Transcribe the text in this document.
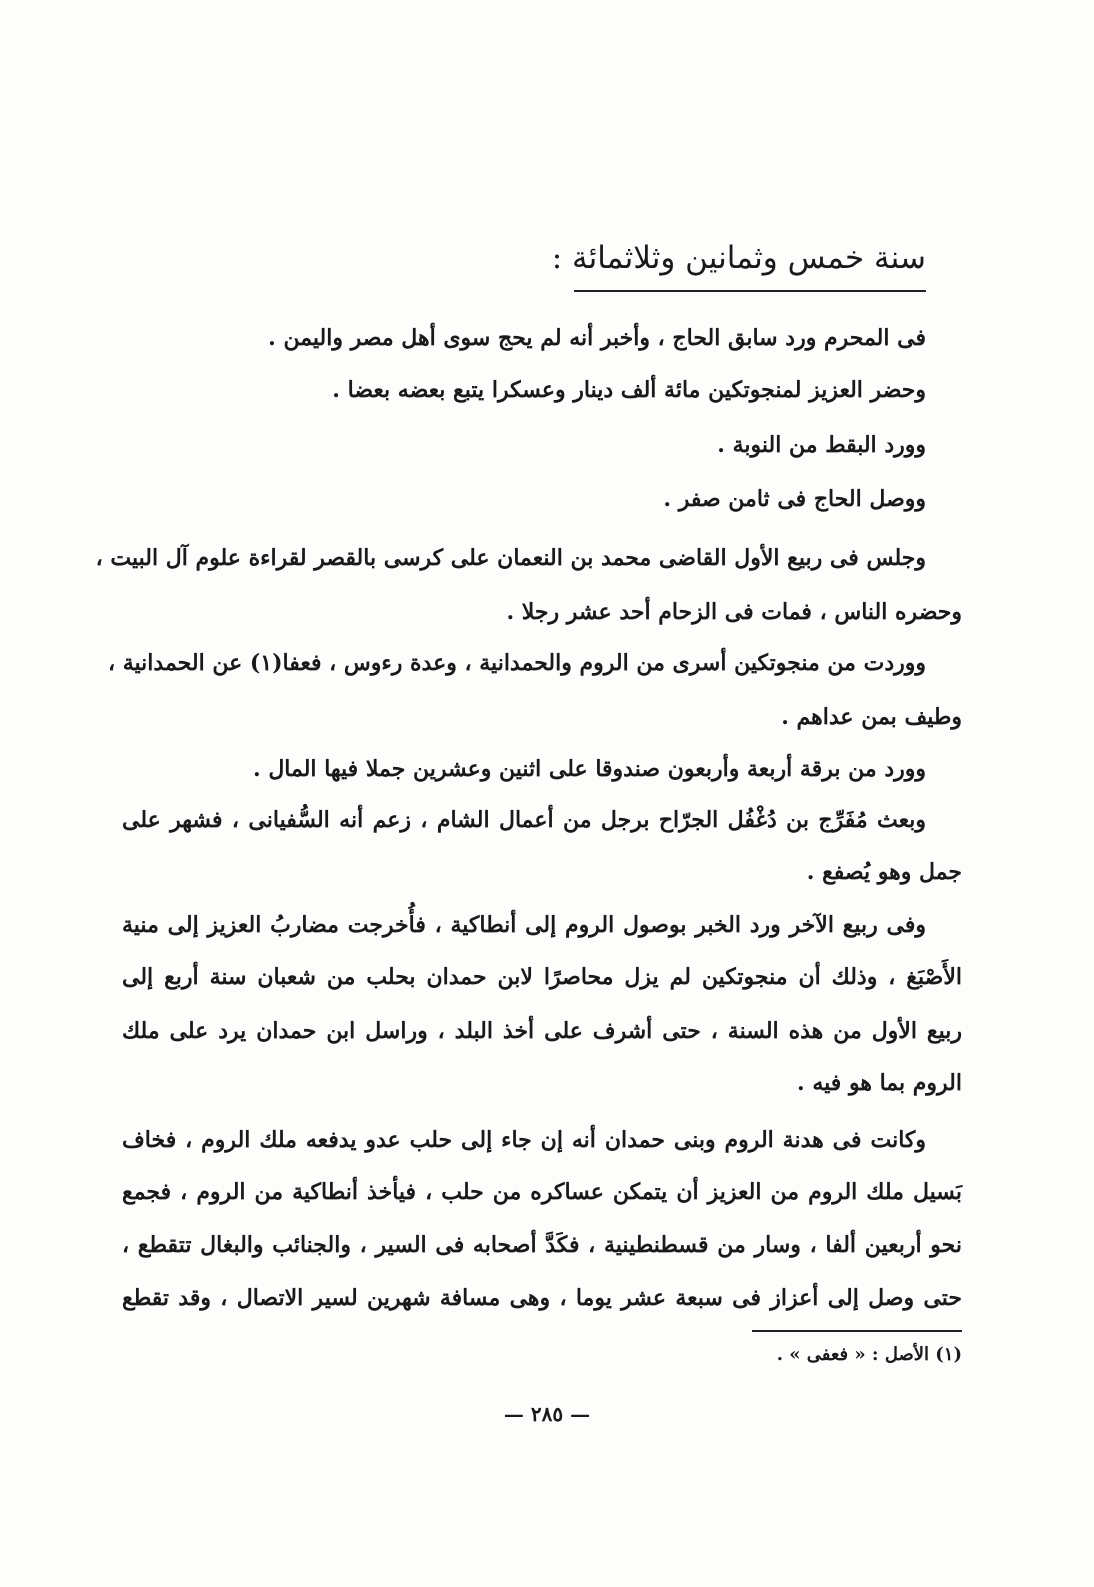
سنة خمس وثمانين وثلاثمائة :
فى المحرم ورد سابق الحاج ، وأخبر أنه لم يحج سوى أهل مصر واليمن .
وحضر العزيز لمنجوتكين مائة ألف دينار وعسكرا يتبع بعضه بعضا .
وورد البقط من النوبة .
ووصل الحاج فى ثامن صفر .
وجلس فى ربيع الأول القاضى محمد بن النعمان على كرسى بالقصر لقراءة علوم آل البيت ،
وحضره الناس ، فمات فى الزحام أحد عشر رجلا .
ووردت من منجوتكين أسرى من الروم والحمدانية ، وعدة رءوس ، فعفا(١) عن الحمدانية ،
وطيف بمن عداهم .
وورد من برقة أربعة وأربعون صندوقا على اثنين وعشرين جملا فيها المال .
وبعث مُفَرِّج بن دُغْفُل الجرّاح برجل من أعمال الشام ، زعم أنه السُّفيانى ، فشهر على
جمل وهو يُصفع .
وفى ربيع الآخر ورد الخبر بوصول الروم إلى أنطاكية ، فأُخرجت مضاربُ العزيز إلى منية
الأَصْبَغ ، وذلك أن منجوتكين لم يزل محاصرًا لابن حمدان بحلب من شعبان سنة أربع إلى
ربيع الأول من هذه السنة ، حتى أشرف على أخذ البلد ، وراسل ابن حمدان يرد على ملك
الروم بما هو فيه .
وكانت فى هدنة الروم وبنى حمدان أنه إن جاء إلى حلب عدو يدفعه ملك الروم ، فخاف
بَسيل ملك الروم من العزيز أن يتمكن عساكره من حلب ، فيأخذ أنطاكية من الروم ، فجمع
نحو أربعين ألفا ، وسار من قسطنطينية ، فكَدَّ أصحابه فى السير ، والجنائب والبغال تتقطع ،
حتى وصل إلى أعزاز فى سبعة عشر يوما ، وهى مسافة شهرين لسير الاتصال ، وقد تقطع
(١) الأصل : « فعفى » .
— ٢٨٥ —
